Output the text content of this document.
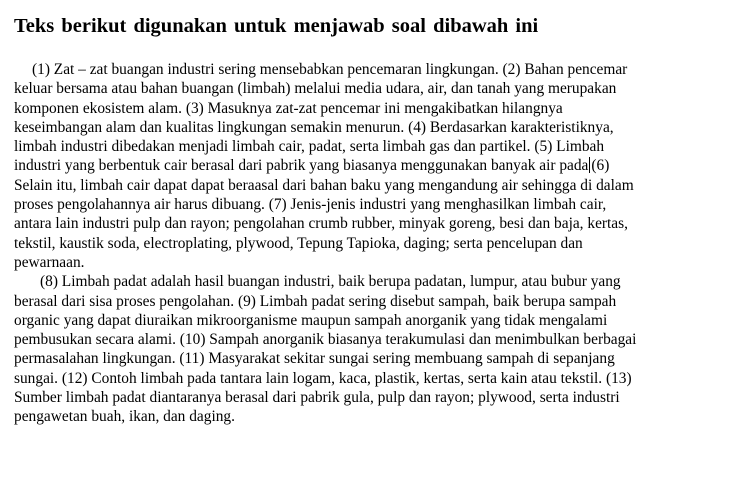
Teks berikut digunakan untuk menjawab soal dibawah ini
(1) Zat – zat buangan industri sering mensebabkan pencemaran lingkungan. (2) Bahan pencemar
keluar bersama atau bahan buangan (limbah) melalui media udara, air, dan tanah yang merupakan
komponen ekosistem alam. (3) Masuknya zat-zat pencemar ini mengakibatkan hilangnya
keseimbangan alam dan kualitas lingkungan semakin menurun. (4) Berdasarkan karakteristiknya,
limbah industri dibedakan menjadi limbah cair, padat, serta limbah gas dan partikel. (5) Limbah
industri yang berbentuk cair berasal dari pabrik yang biasanya menggunakan banyak air pada (6)
Selain itu, limbah cair dapat dapat beraasal dari bahan baku yang mengandung air sehingga di dalam
proses pengolahannya air harus dibuang. (7) Jenis-jenis industri yang menghasilkan limbah cair,
antara lain industri pulp dan rayon; pengolahan crumb rubber, minyak goreng, besi dan baja, kertas,
tekstil, kaustik soda, electroplating, plywood, Tepung Tapioka, daging; serta pencelupan dan
pewarnaan.
(8) Limbah padat adalah hasil buangan industri, baik berupa padatan, lumpur, atau bubur yang
berasal dari sisa proses pengolahan. (9) Limbah padat sering disebut sampah, baik berupa sampah
organic yang dapat diuraikan mikroorganisme maupun sampah anorganik yang tidak mengalami
pembusukan secara alami. (10) Sampah anorganik biasanya terakumulasi dan menimbulkan berbagai
permasalahan lingkungan. (11) Masyarakat sekitar sungai sering membuang sampah di sepanjang
sungai. (12) Contoh limbah pada tantara lain logam, kaca, plastik, kertas, serta kain atau tekstil. (13)
Sumber limbah padat diantaranya berasal dari pabrik gula, pulp dan rayon; plywood, serta industri
pengawetan buah, ikan, dan daging.
